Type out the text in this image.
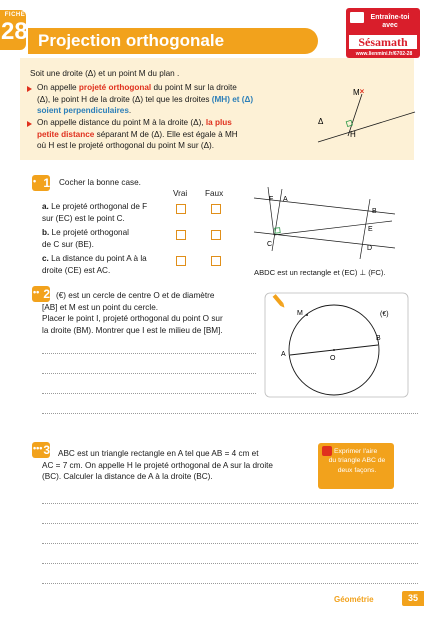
FICHE
28 Projection orthogonale
Entraîne-toi
avec
Sésamath
www.lienmini.fr/6702-28
Soit une droite (Δ) et un point M du plan .
On appelle projeté orthogonal du point M sur la droite
(Δ), le point H de la droite (Δ) tel que les droites (MH) et (Δ)
soient perpendiculaires.
On appelle distance du point M à la droite (Δ), la plus
petite distance séparant M de (Δ). Elle est égale à MH
où H est le projeté orthogonal du point M sur (Δ).
×
M
H
Δ
• 1 Cocher la bonne case.
Vrai Faux
a. Le projeté orthogonal de F
sur (EC) est le point C.
b. Le projeté orthogonal
de C sur (BE).
c. La distance du point A à la
droite (CE) est AC.
F A
B
E
C
D
ABDC est un rectangle et (EC) ⊥ (FC).
•• 2 (€) est un cercle de centre O et de diamètre
[AB] et M est un point du cercle.
Placer le point I, projeté orthogonal du point O sur
la droite (BM). Montrer que I est le milieu de [BM].
(€)
M
A
O
B
••• 3 ABC est un triangle rectangle en A tel que AB = 4 cm et
AC = 7 cm. On appelle H le projeté orthogonal de A sur la droite
(BC). Calculer la distance de A à la droite (BC).
Exprimer l'aire
du triangle ABC de
deux façons.
Géométrie	35
